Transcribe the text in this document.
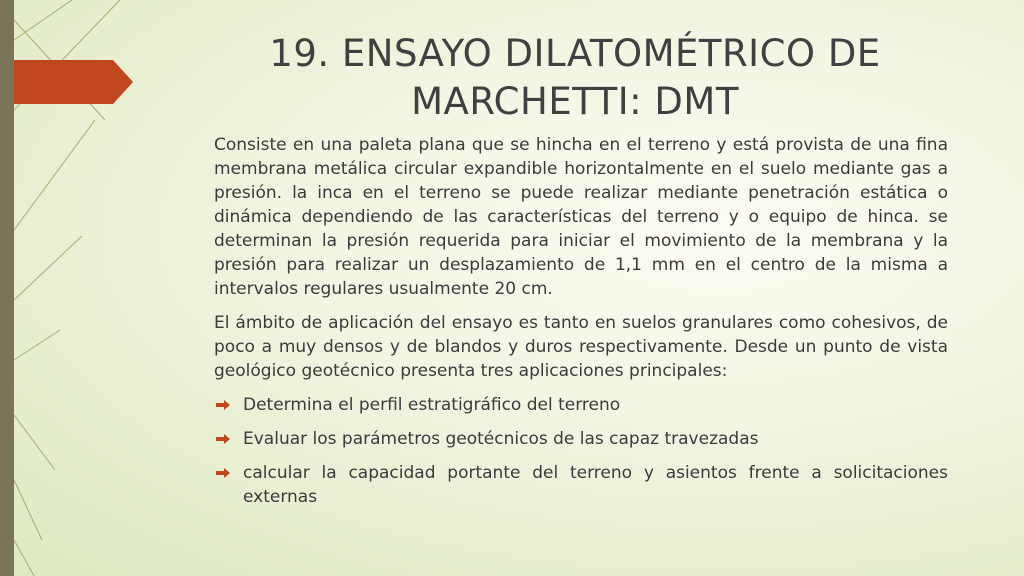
19. ENSAYO DILATOMÉTRICO DE MARCHETTI: DMT

Consiste en una paleta plana que se hincha en el terreno y está provista de una fina membrana metálica circular expandible horizontalmente en el suelo mediante gas a presión. la inca en el terreno se puede realizar mediante penetración estática o dinámica dependiendo de las características del terreno y o equipo de hinca. se determinan la presión requerida para iniciar el movimiento de la membrana y la presión para realizar un desplazamiento de 1,1 mm en el centro de la misma a intervalos regulares usualmente 20 cm.

El ámbito de aplicación del ensayo es tanto en suelos granulares como cohesivos, de poco a muy densos y de blandos y duros respectivamente. Desde un punto de vista geológico geotécnico presenta tres aplicaciones principales:

Determina el perfil estratigráfico del terreno
Evaluar los parámetros geotécnicos de las capaz travezadas
calcular la capacidad portante del terreno y asientos frente a solicitaciones externas
